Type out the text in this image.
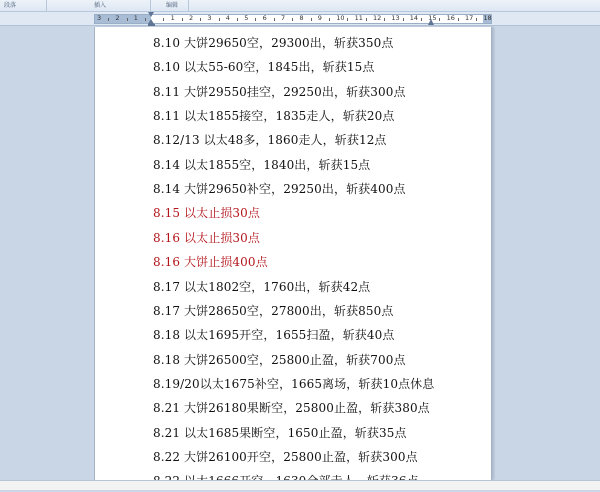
段落	插入	编辑
3 2 1	1 2 3 4 5 6 7 8 9 10 11 12 13 14 15 16 17 18
8.10 大饼29650空，29300出，斩获350点
8.10 以太55-60空，1845出，斩获15点
8.11 大饼29550挂空，29250出，斩获300点
8.11 以太1855接空，1835走人，斩获20点
8.12/13 以太48多，1860走人，斩获12点
8.14 以太1855空，1840出，斩获15点
8.14 大饼29650补空，29250出，斩获400点
8.15 以太止损30点
8.16 以太止损30点
8.16 大饼止损400点
8.17 以太1802空，1760出，斩获42点
8.17 大饼28650空，27800出，斩获850点
8.18 以太1695开空，1655扫盈，斩获40点
8.18 大饼26500空，25800止盈，斩获700点
8.19/20以太1675补空，1665离场，斩获10点休息
8.21 大饼26180果断空，25800止盈，斩获380点
8.21 以太1685果断空，1650止盈，斩获35点
8.22 大饼26100开空，25800止盈，斩获300点
